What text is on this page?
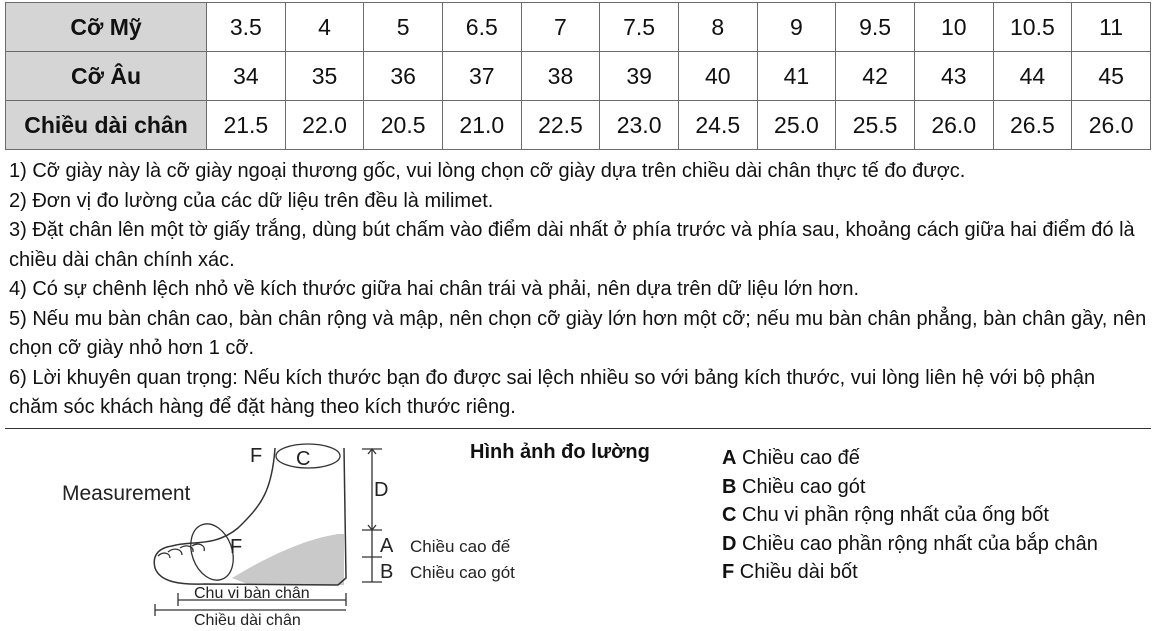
Cỡ Mỹ	3.5	4	5	6.5	7	7.5	8	9	9.5	10	10.5	11
Cỡ Âu	34	35	36	37	38	39	40	41	42	43	44	45
Chiều dài chân	21.5	22.0	20.5	21.0	22.5	23.0	24.5	25.0	25.5	26.0	26.5	26.0
1) Cỡ giày này là cỡ giày ngoại thương gốc, vui lòng chọn cỡ giày dựa trên chiều dài chân thực tế đo được.
2) Đơn vị đo lường của các dữ liệu trên đều là milimet.
3) Đặt chân lên một tờ giấy trắng, dùng bút chấm vào điểm dài nhất ở phía trước và phía sau, khoảng cách giữa hai điểm đó là chiều dài chân chính xác.
4) Có sự chênh lệch nhỏ về kích thước giữa hai chân trái và phải, nên dựa trên dữ liệu lớn hơn.
5) Nếu mu bàn chân cao, bàn chân rộng và mập, nên chọn cỡ giày lớn hơn một cỡ; nếu mu bàn chân phẳng, bàn chân gầy, nên chọn cỡ giày nhỏ hơn 1 cỡ.
6) Lời khuyên quan trọng: Nếu kích thước bạn đo được sai lệch nhiều so với bảng kích thước, vui lòng liên hệ với bộ phận chăm sóc khách hàng để đặt hàng theo kích thước riêng.
Measurement
F C
D
F	A
B
Chiều cao đế
Chiều cao gót
Chu vi bàn chân
Chiều dài chân
Hình ảnh đo lường	A Chiều cao đế
B Chiều cao gót
C Chu vi phần rộng nhất của ống bốt
D Chiều cao phần rộng nhất của bắp chân
F Chiều dài bốt
